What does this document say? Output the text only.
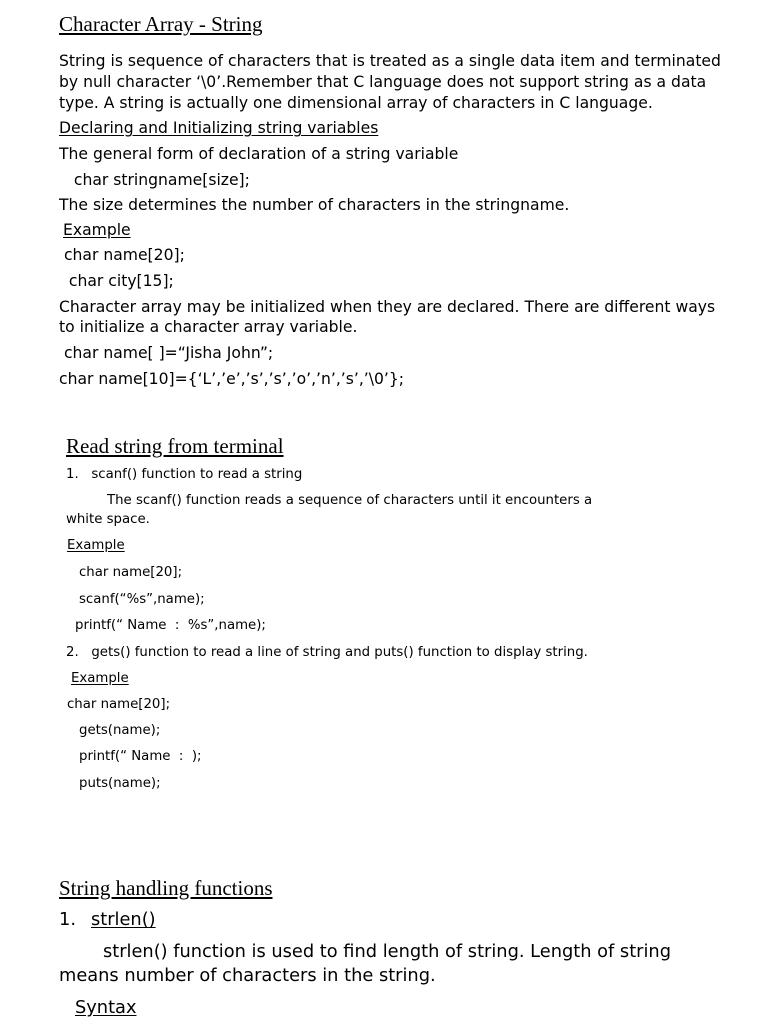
Character Array - String
String is sequence of characters that is treated as a single data item and terminated
by null character ‘\0’.Remember that C language does not support string as a data
type. A string is actually one dimensional array of characters in C language.
Declaring and Initializing string variables
The general form of declaration of a string variable
char stringname[size];
The size determines the number of characters in the stringname.
Example
char name[20];
char city[15];
Character array may be initialized when they are declared. There are different ways
to initialize a character array variable.
char name[ ]=“Jisha John”;
char name[10]={‘L’,’e’,’s’,’s’,’o’,’n’,’s’,’\0’};
Read string from terminal
1.   scanf() function to read a string
The scanf() function reads a sequence of characters until it encounters a
white space.
Example
char name[20];
scanf(“%s”,name);
printf(“ Name  :  %s”,name);
2.   gets() function to read a line of string and puts() function to display string.
Example
char name[20];
gets(name);
printf(“ Name  :  );
puts(name);
String handling functions
1. strlen()
strlen() function is used to find length of string. Length of string
means number of characters in the string.
Syntax
